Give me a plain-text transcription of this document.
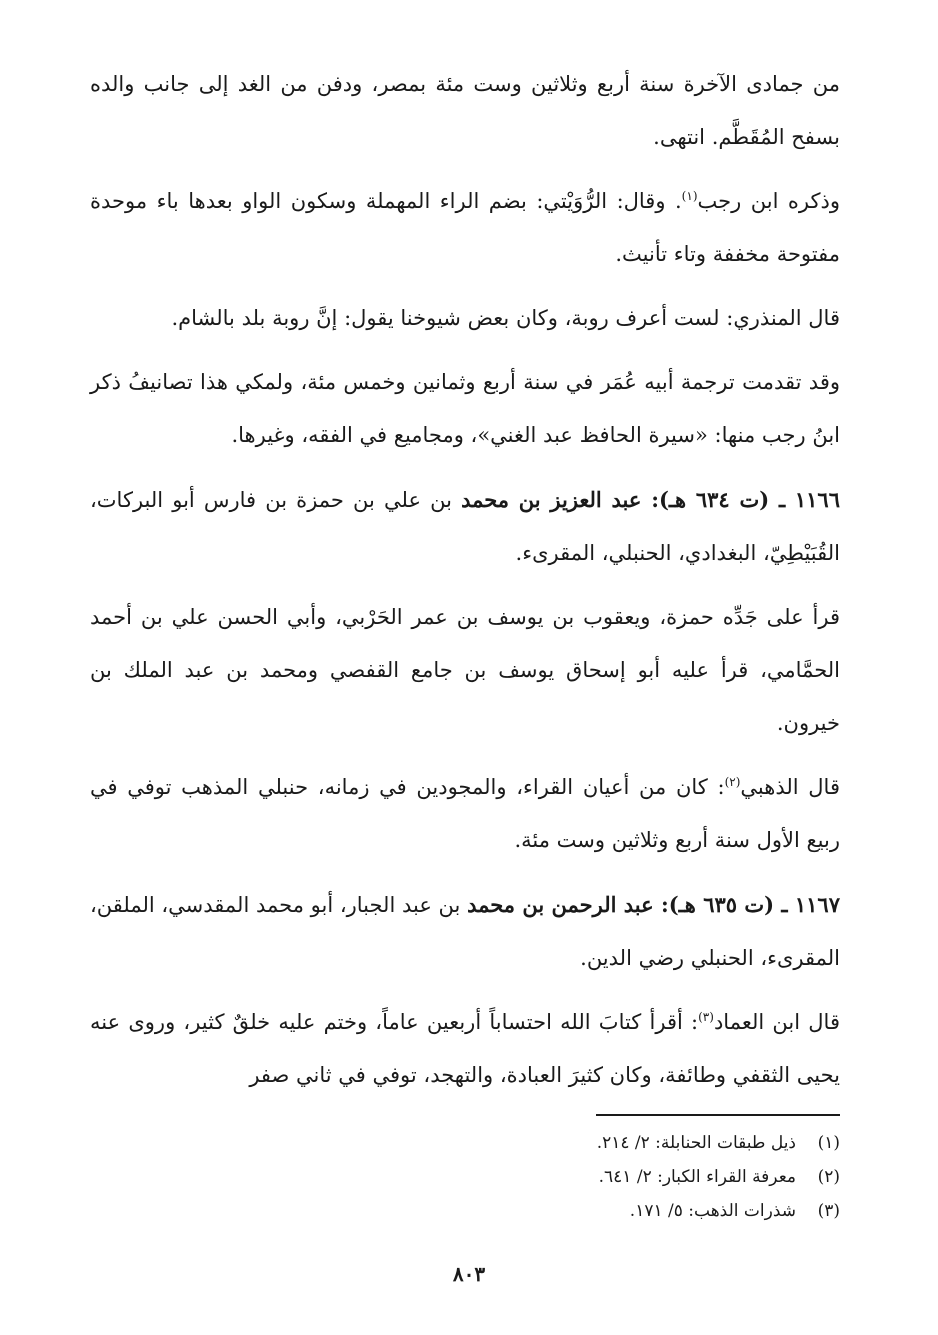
من جمادى الآخرة سنة أربع وثلاثين وست مئة بمصر، ودفن من الغد إلى جانب والده بسفح المُقَطَّم. انتهى.

وذكره ابن رجب$^{(١)}$. وقال: الرُّوَيْتي: بضم الراء المهملة وسكون الواو بعدها باء موحدة مفتوحة مخففة وتاء تأنيث.

قال المنذري: لست أعرف روبة، وكان بعض شيوخنا يقول: إنَّ روبة بلد بالشام.

وقد تقدمت ترجمة أبيه عُمَر في سنة أربع وثمانين وخمس مئة، ولمكي هذا تصانيفُ ذكر ابنُ رجب منها: «سيرة الحافظ عبد الغني»، ومجاميع في الفقه، وغيرها.

١١٦٦ ـ (ت ٦٣٤ هـ): عبد العزيز بن محمد بن علي بن حمزة بن فارس أبو البركات، القُبَيْطِيّ، البغدادي، الحنبلي، المقرىء.

قرأ على جَدِّه حمزة، ويعقوب بن يوسف بن عمر الحَرْبي، وأبي الحسن علي بن أحمد الحمَّامي، قرأ عليه أبو إسحاق يوسف بن جامع القفصي ومحمد بن عبد الملك بن خيرون.

قال الذهبي$^{(٢)}$: كان من أعيان القراء، والمجودين في زمانه، حنبلي المذهب توفي في ربيع الأول سنة أربع وثلاثين وست مئة.

١١٦٧ ـ (ت ٦٣٥ هـ): عبد الرحمن بن محمد بن عبد الجبار، أبو محمد المقدسي، الملقن، المقرىء، الحنبلي رضي الدين.

قال ابن العماد$^{(٣)}$: أقرأ كتابَ الله احتساباً أربعين عاماً، وختم عليه خلقٌ كثير، وروى عنه يحيى الثقفي وطائفة، وكان كثيرَ العبادة، والتهجد، توفي في ثاني صفر

(١)
ذيل طبقات الحنابلة: ٢/ ٢١٤.
(٢)
معرفة القراء الكبار: ٢/ ٦٤١.
(٣)
شذرات الذهب: ٥/ ١٧١.
٨٠٣
